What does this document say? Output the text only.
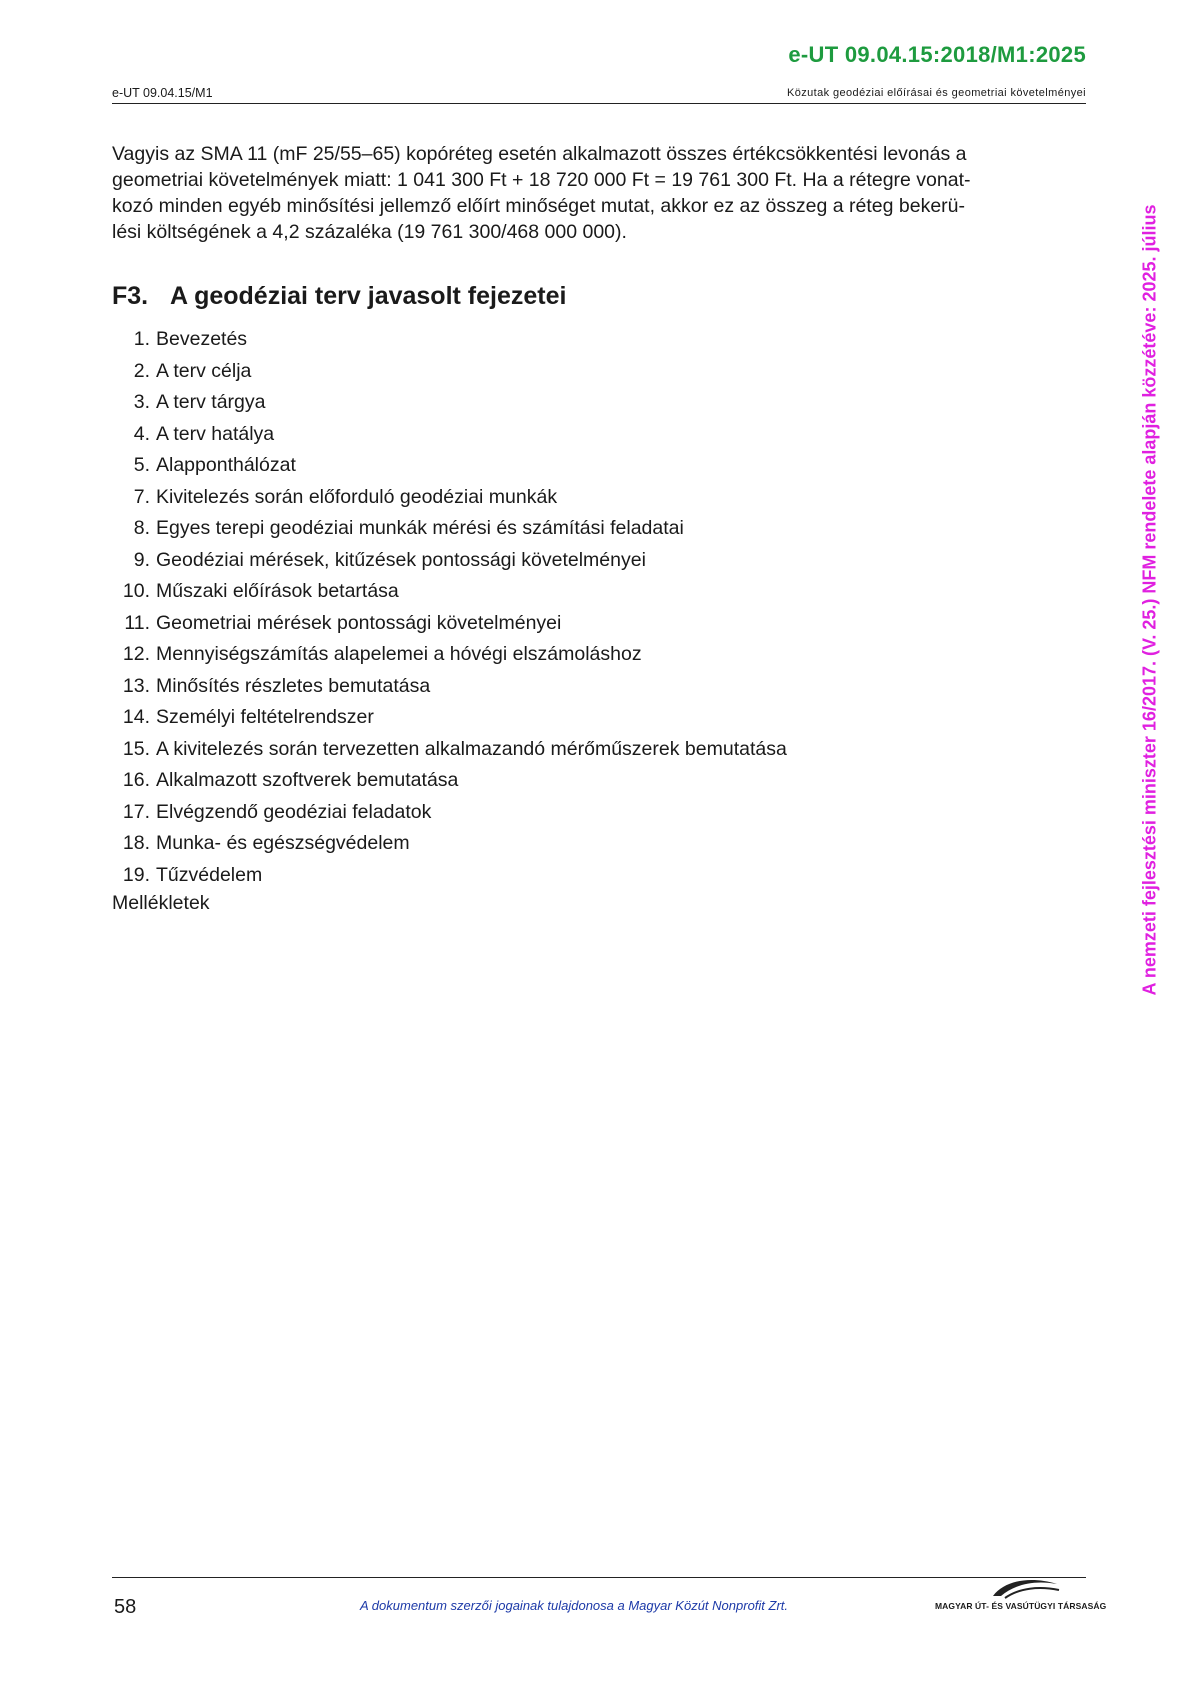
e-UT 09.04.15:2018/M1:2025
e-UT 09.04.15/M1	Közutak geodéziai előírásai és geometriai követelményei
Vagyis az SMA 11 (mF 25/55–65) kopóréteg esetén alkalmazott összes értékcsökkentési levonás a
geometriai követelmények miatt: 1 041 300 Ft + 18 720 000 Ft = 19 761 300 Ft. Ha a rétegre vonat-
kozó minden egyéb minősítési jellemző előírt minőséget mutat, akkor ez az összeg a réteg bekerü-
lési költségének a 4,2 százaléka (19 761 300/468 000 000).
F3. A geodéziai terv javasolt fejezetei
1. Bevezetés
2. A terv célja
3. A terv tárgya
4. A terv hatálya
5. Alapponthálózat
7. Kivitelezés során előforduló geodéziai munkák
8. Egyes terepi geodéziai munkák mérési és számítási feladatai
9. Geodéziai mérések, kitűzések pontossági követelményei
10. Műszaki előírások betartása
11. Geometriai mérések pontossági követelményei
12. Mennyiségszámítás alapelemei a hóvégi elszámoláshoz
13. Minősítés részletes bemutatása
14. Személyi feltételrendszer
15. A kivitelezés során tervezetten alkalmazandó mérőműszerek bemutatása
16. Alkalmazott szoftverek bemutatása
17. Elvégzendő geodéziai feladatok
18. Munka- és egészségvédelem
19. Tűzvédelem
Mellékletek	A nemzeti fejlesztési miniszter 16/2017. (V. 25.) NFM rendelete alapján közzétéve: 2025. július
58	A dokumentum szerzői jogainak tulajdonosa a Magyar Közút Nonprofit Zrt.	MAGYAR ÚT- ÉS VASÚTÜGYI TÁRSASÁG
